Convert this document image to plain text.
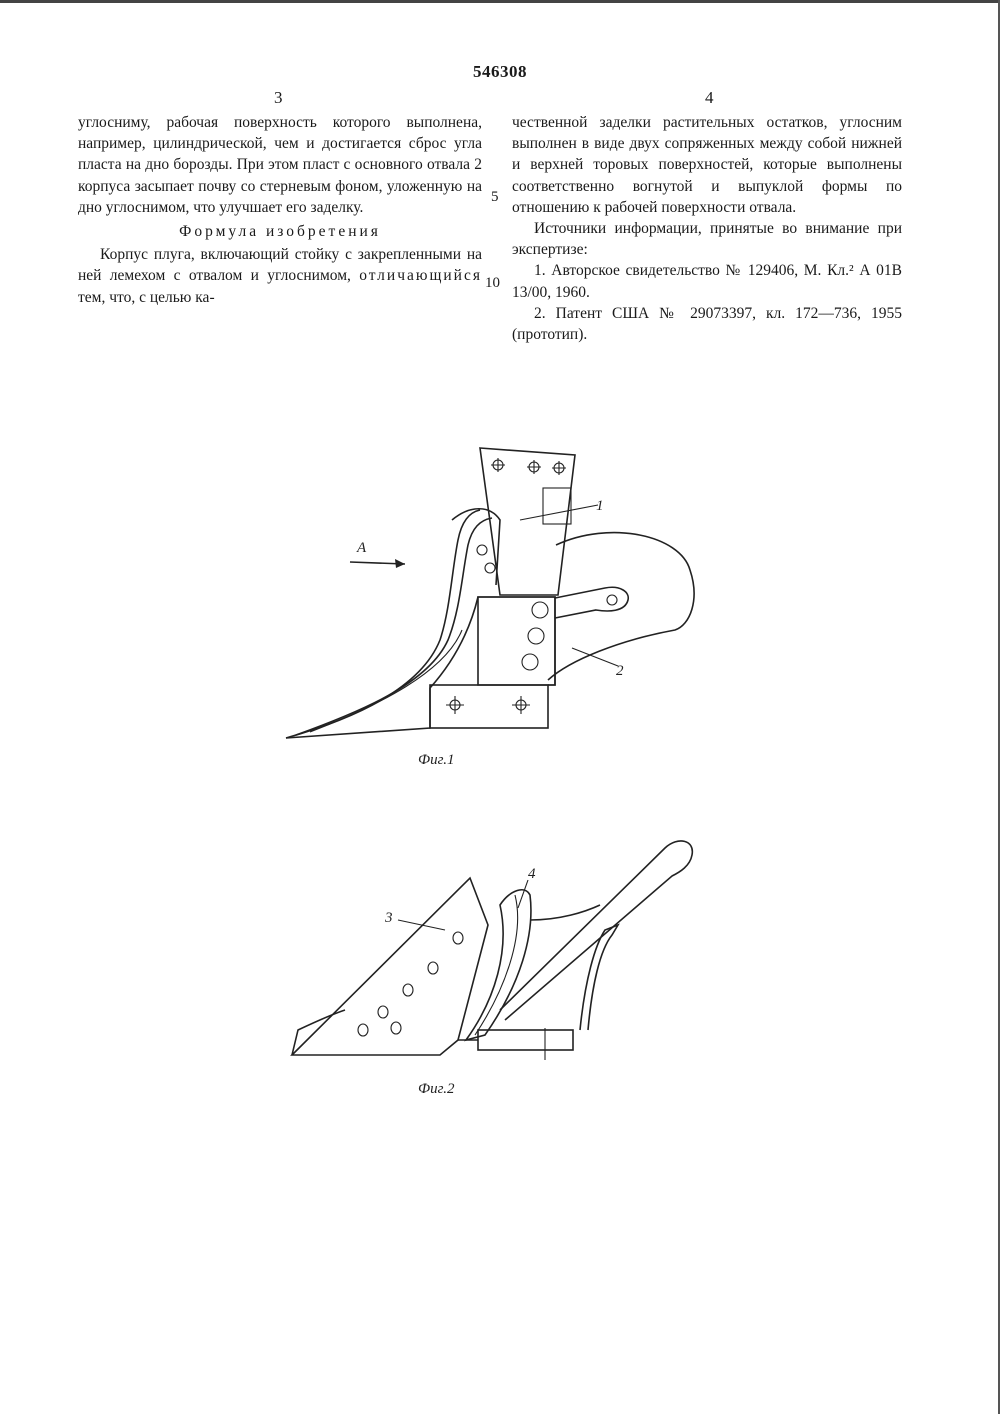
546308
3	4

углосниму, рабочая поверхность которого выполнена, например, цилиндрической, чем и достигается сброс угла пласта на дно борозды. При этом пласт с основного отвала 2 корпуса засыпает почву со стерневым фоном, уложенную на дно углоснимом, что улучшает его заделку.

Формула изобретения

Корпус плуга, включающий стойку с закрепленными на ней лемехом с отвалом и углоснимом, отличающийся тем, что, с целью ка-

5
10

чественной заделки растительных остатков, углосним выполнен в виде двух сопряженных между собой нижней и верхней торовых поверхностей, которые выполнены соответственно вогнутой и выпуклой формы по отношению к рабочей поверхности отвала.

Источники информации, принятые во внимание при экспертизе:

1. Авторское свидетельство № 129406, М. Кл.² А 01В 13/00, 1960.

2. Патент США № 29073397, кл. 172—736, 1955 (прототип).

А
1
2
Фиг.1
3
4
Фиг.2
